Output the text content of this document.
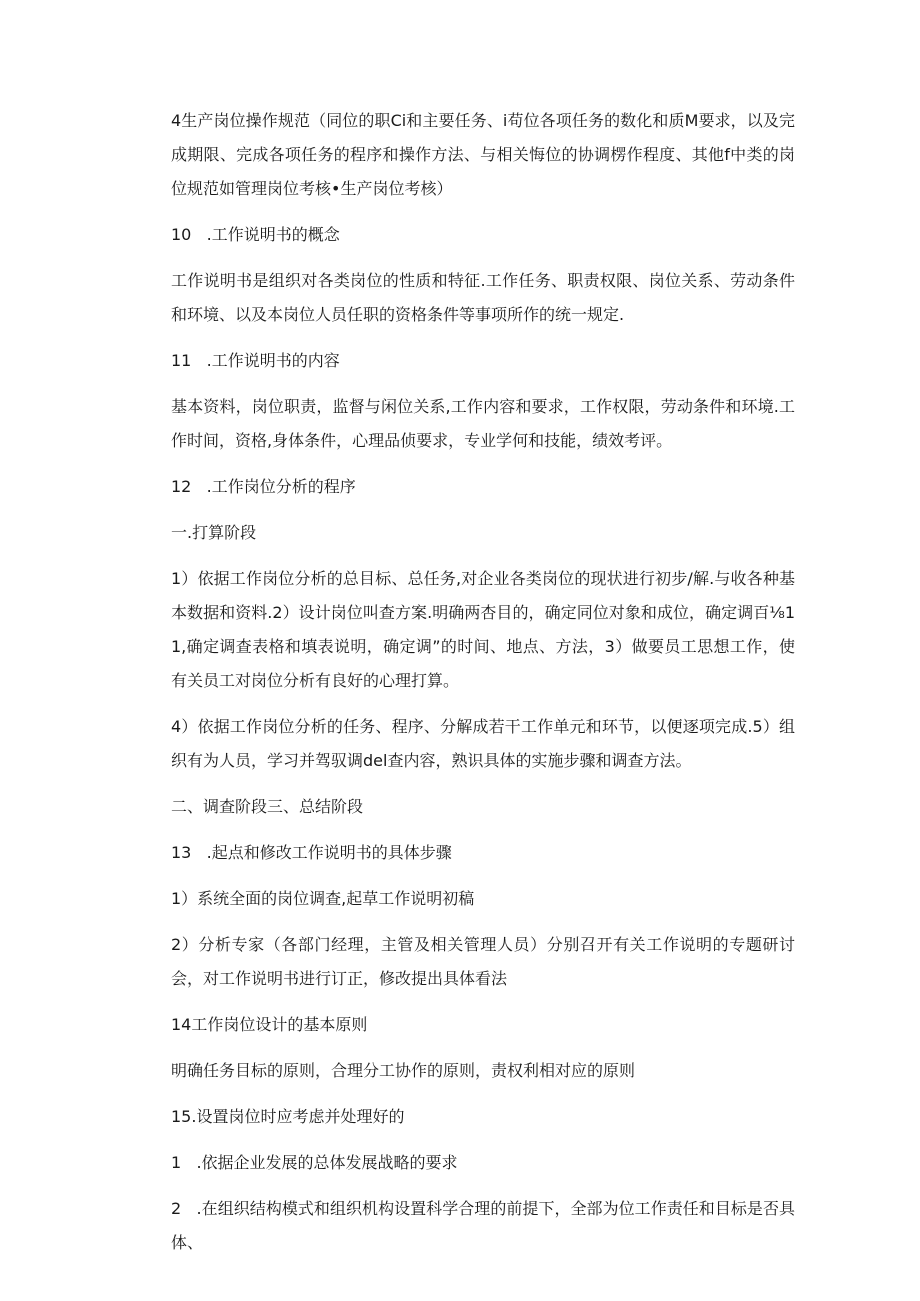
4生产岗位操作规范（同位的职Ci和主要任务、i苟位各项任务的数化和质M要求，以及完成期限、完成各项任务的程序和操作方法、与相关悔位的协调楞作程度、其他f中类的岗位规范如管理岗位考核•生产岗位考核）

10   .工作说明书的概念

工作说明书是组织对各类岗位的性质和特征.工作任务、职责权限、岗位关系、劳动条件和环境、以及本岗位人员任职的资格条件等事项所作的统一规定.

11   .工作说明书的内容

基本资料，岗位职责，监督与闲位关系,工作内容和要求，工作权限，劳动条件和环境.工作时间，资格,身体条件，心理品侦要求，专业学何和技能，绩效考评。

12   .工作岗位分析的程序

一.打算阶段

1）依据工作岗位分析的总目标、总任务,对企业各类岗位的现状进行初步/解.与收各种基本数据和资料.2）设计岗位叫查方案.明确两杏目的，确定同位对象和成位，确定调百⅛11,确定调查表格和填表说明，确定调”的时间、地点、方法，3）做要员工思想工作，使有关员工对岗位分析有良好的心理打算。

4）依据工作岗位分析的任务、程序、分解成若干工作单元和环节，以便逐项完成.5）组织有为人员，学习并驾驭调del查内容，熟识具体的实施步骤和调查方法。

二、调查阶段三、总结阶段

13   .起点和修改工作说明书的具体步骤

1）系统全面的岗位调查,起草工作说明初稿

2）分析专家（各部门经理，主管及相关管理人员）分别召开有关工作说明的专题研讨会，对工作说明书进行订正，修改提出具体看法

14工作岗位设计的基本原则

明确任务目标的原则，合理分工协作的原则，责权利相对应的原则

15.设置岗位时应考虑并处理好的

1   .依据企业发展的总体发展战略的要求

2   .在组织结构模式和组织机构设置科学合理的前提下，全部为位工作责任和目标是否具体、
